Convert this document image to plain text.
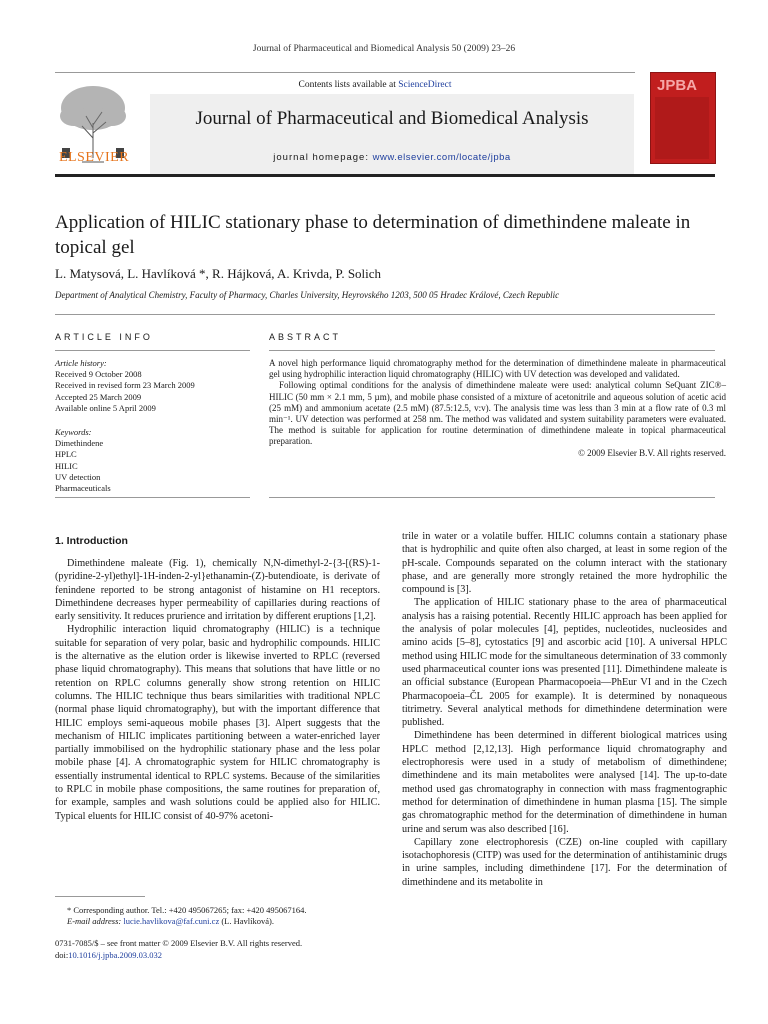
Journal of Pharmaceutical and Biomedical Analysis 50 (2009) 23–26
Contents lists available at ScienceDirect
Journal of Pharmaceutical and Biomedical Analysis
journal homepage: www.elsevier.com/locate/jpba
ELSEVIER
JPBA
Application of HILIC stationary phase to determination of dimethindene maleate in topical gel
L. Matysová, L. Havlíková *, R. Hájková, A. Krivda, P. Solich
Department of Analytical Chemistry, Faculty of Pharmacy, Charles University, Heyrovského 1203, 500 05 Hradec Králové, Czech Republic
ARTICLE INFO	ABSTRACT
Article history:
Received 9 October 2008
Received in revised form 23 March 2009
Accepted 25 March 2009
Available online 5 April 2009
Keywords:
Dimethindene
HPLC
HILIC
UV detection
Pharmaceuticals

A novel high performance liquid chromatography method for the determination of dimethindene maleate in pharmaceutical gel using hydrophilic interaction liquid chromatography (HILIC) with UV detection was developed and validated.

Following optimal conditions for the analysis of dimethindene maleate were used: analytical column SeQuant ZIC®–HILIC (50 mm × 2.1 mm, 5 µm), and mobile phase consisted of a mixture of acetonitrile and aqueous solution of acetic acid (25 mM) and ammonium acetate (2.5 mM) (87.5:12.5, v:v). The analysis time was less than 3 min at a flow rate of 0.3 ml min⁻¹. UV detection was performed at 258 nm. The method was validated and system suitability parameters were evaluated. The method is suitable for application for routine determination of dimethindene maleate in topical pharmaceutical preparation.

© 2009 Elsevier B.V. All rights reserved.

1. Introduction

Dimethindene maleate (Fig. 1), chemically N,N-dimethyl-2-{3-[(RS)-1-(pyridine-2-yl)ethyl]-1H-inden-2-yl}ethanamin-(Z)-butendioate, is derivate of fenindene reported to be strong antagonist of histamine on H1 receptors. Dimethindene decreases hyper permeability of capillaries during reactions of early sensitivity. It reduces prurience and irritation by different eruptions [1,2].

Hydrophilic interaction liquid chromatography (HILIC) is a technique suitable for separation of very polar, basic and hydrophilic compounds. HILIC is the alternative as the elution order is likewise inverted to RPLC (reversed phase liquid chromatography). This means that solutions that have little or no retention on RPLC columns generally show strong retention on HILIC columns. The HILIC technique thus bears similarities with traditional NPLC (normal phase liquid chromatography), but with the important difference that HILIC employs semi-aqueous mobile phases [3]. Alpert suggests that the mechanism of HILIC implicates partitioning between a water-enriched layer partially immobilised on the hydrophilic stationary phase and the less polar mobile phase [4]. A chromatographic system for HILIC chromatography is essentially instrumental identical to RPLC systems. Because of the similarities to RPLC in mobile phase compositions, the same routines for preparation of, for example, samples and wash solutions could be applied also for HILIC. Typical eluents for HILIC consist of 40-97% acetoni-

trile in water or a volatile buffer. HILIC columns contain a stationary phase that is hydrophilic and quite often also charged, at least in some region of the pH-scale. Compounds separated on the column interact with the stationary phase, and are generally more strongly retained the more hydrophilic the compound is [3].

The application of HILIC stationary phase to the area of pharmaceutical analysis has a raising potential. Recently HILIC approach has been applied for the analysis of polar molecules [4], peptides, nucleotides, nucleosides and amino acids [5–8], cytostatics [9] and ascorbic acid [10]. A universal HPLC method using HILIC mode for the simultaneous determination of 33 commonly used pharmaceutical counter ions was presented [11]. Dimethindene maleate is an official substance (European Pharmacopoeia—PhEur VI and in the Czech Pharmacopoeia–ČL 2005 for example). It is determined by nonaqueous titrimetry. Several analytical methods for dimethindene determination were published.

Dimethindene has been determined in different biological matrices using HPLC method [2,12,13]. High performance liquid chromatography and electrophoresis were used in a study of metabolism of dimethindene; dimethindene and its main metabolites were analysed [14]. The up-to-date method used gas chromatography in connection with mass fragmentographic method for determination of dimethindene in human plasma [15]. The simple gas chromatographic method for the determination of dimethindene in human urine and serum was also described [16].

Capillary zone electrophoresis (CZE) on-line coupled with capillary isotachophoresis (CITP) was used for the determination of antihistaminic drugs in urine samples, including dimethindene [17]. For the determination of dimethindene and its metabolite in

* Corresponding author. Tel.: +420 495067265; fax: +420 495067164.
E-mail address: lucie.havlikova@faf.cuni.cz (L. Havlíková).
0731-7085/$ – see front matter © 2009 Elsevier B.V. All rights reserved.
doi:10.1016/j.jpba.2009.03.032
